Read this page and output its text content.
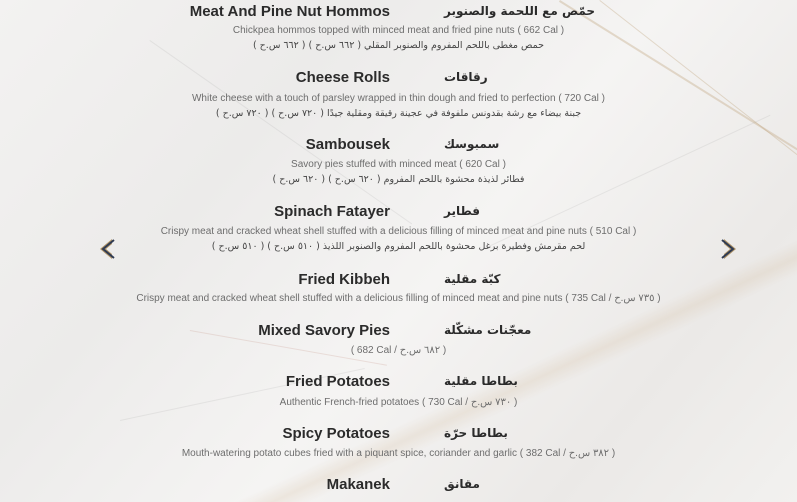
Meat And Pine Nut Hommos	حمّص مع اللحمة والصنوبر
Chickpea hommos topped with minced meat and fried pine nuts ( 662 Cal )
حمص مغطى باللحم المفروم والصنوبر المقلي ( ٦٦٢ س.ح ) ( ٦٦٢ س.ح )
Cheese Rolls	رقاقات
White cheese with a touch of parsley wrapped in thin dough and fried to perfection ( 720 Cal )
جبنة بيضاء مع رشة بقدونس ملفوفة في عجينة رقيقة ومقلية جيدًا ( ٧٢٠ س.ح ) ( ٧٢٠ س.ح )
Sambousek	سمبوسك
Savory pies stuffed with minced meat ( 620 Cal )
فطائر لذيذة محشوة باللحم المفروم ( ٦٢٠ س.ح ) ( ٦٢٠ س.ح )
Spinach Fatayer	فطاير
Crispy meat and cracked wheat shell stuffed with a delicious filling of minced meat and pine nuts ( 510 Cal )
لحم مقرمش وفطيرة برغل محشوة باللحم المفروم والصنوبر اللذيذ ( ٥١٠ س.ح ) ( ٥١٠ س.ح )
Fried Kibbeh	كبّة مقلية
Crispy meat and cracked wheat shell stuffed with a delicious filling of minced meat and pine nuts ( 735 Cal / ٧٣٥ س.ح )
Mixed Savory Pies	معجّنات مشكّلة
( 682 Cal / ٦٨٢ س.ح )
Fried Potatoes	بطاطا مقلية
Authentic French-fried potatoes ( 730 Cal / ٧٣٠ س.ح )
Spicy Potatoes	بطاطا حرّة
Mouth-watering potato cubes fried with a piquant spice, coriander and garlic ( 382 Cal / ٣٨٢ س.ح )
Makanek	مقانق
